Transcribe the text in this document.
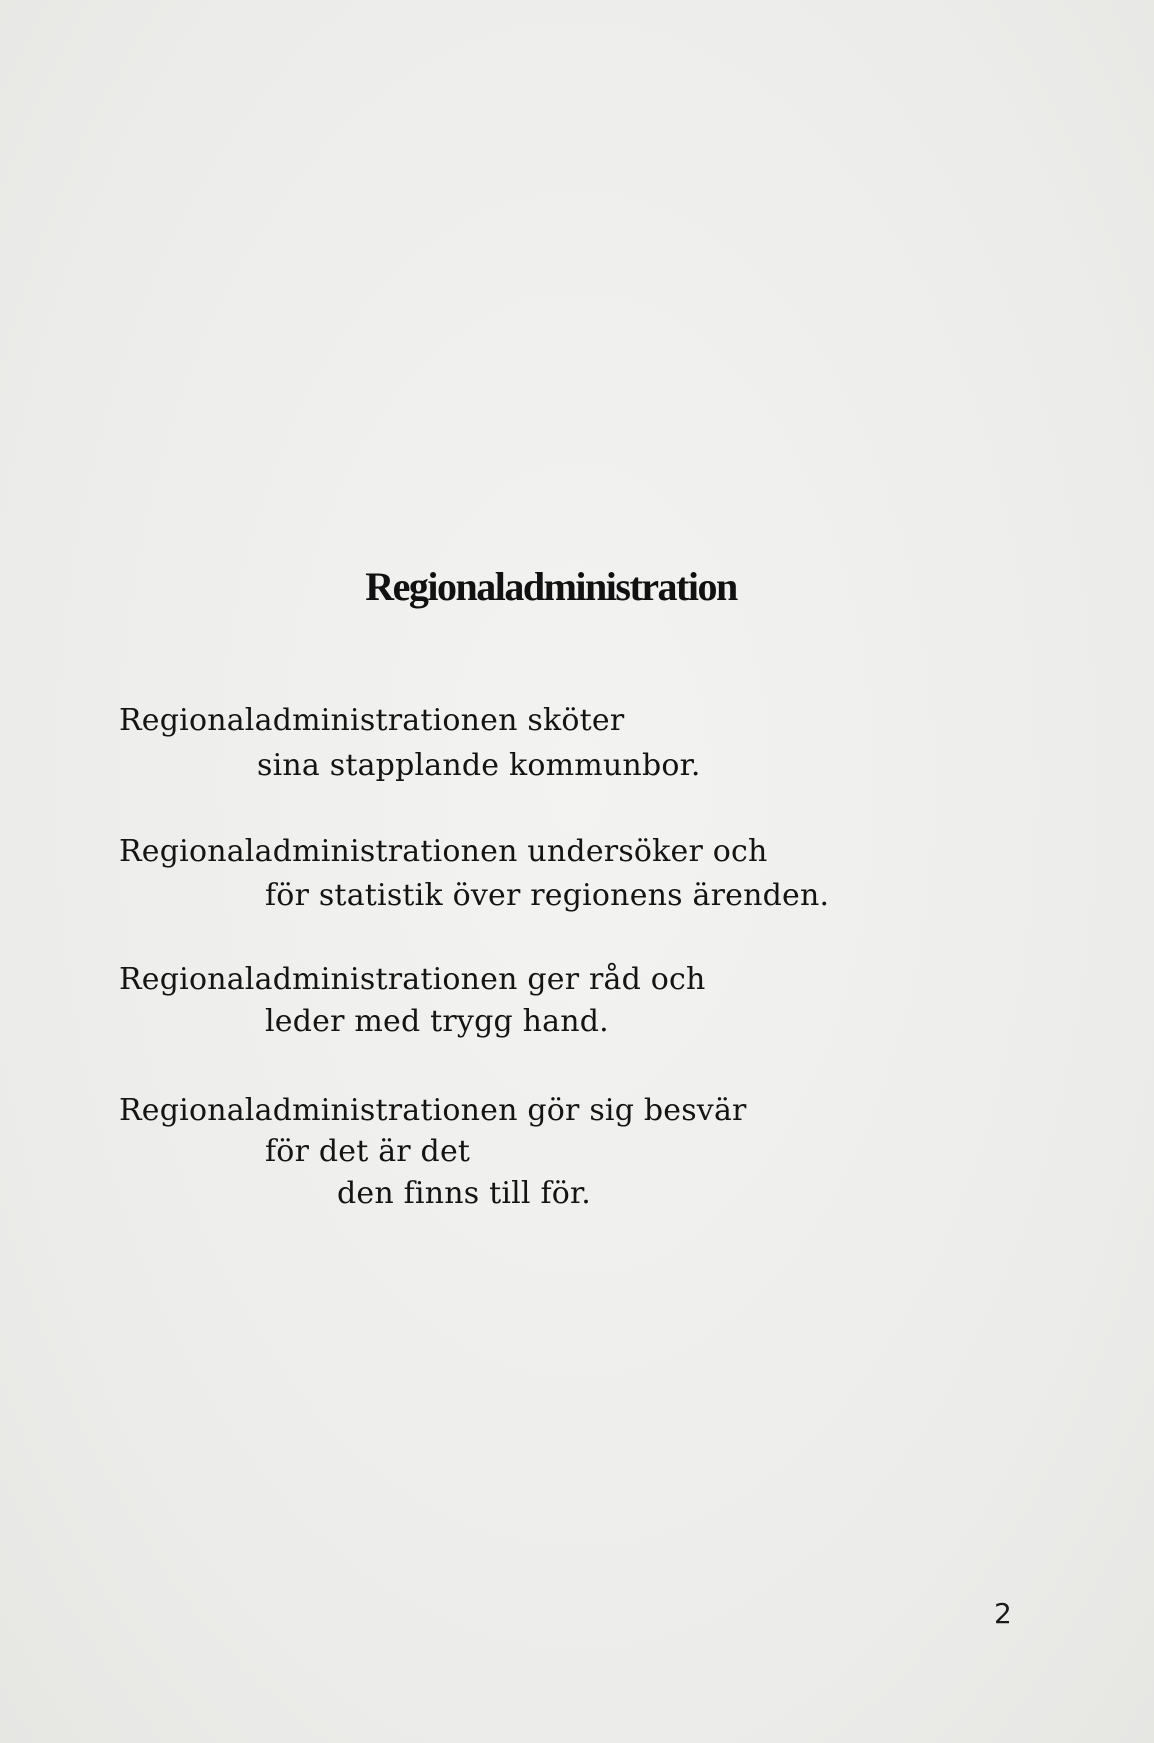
Regionaladministration
Regionaladministrationen sköter
sina stapplande kommunbor.
Regionaladministrationen undersöker och
för statistik över regionens ärenden.
Regionaladministrationen ger råd och
leder med trygg hand.
Regionaladministrationen gör sig besvär
för det är det
den finns till för.
2
